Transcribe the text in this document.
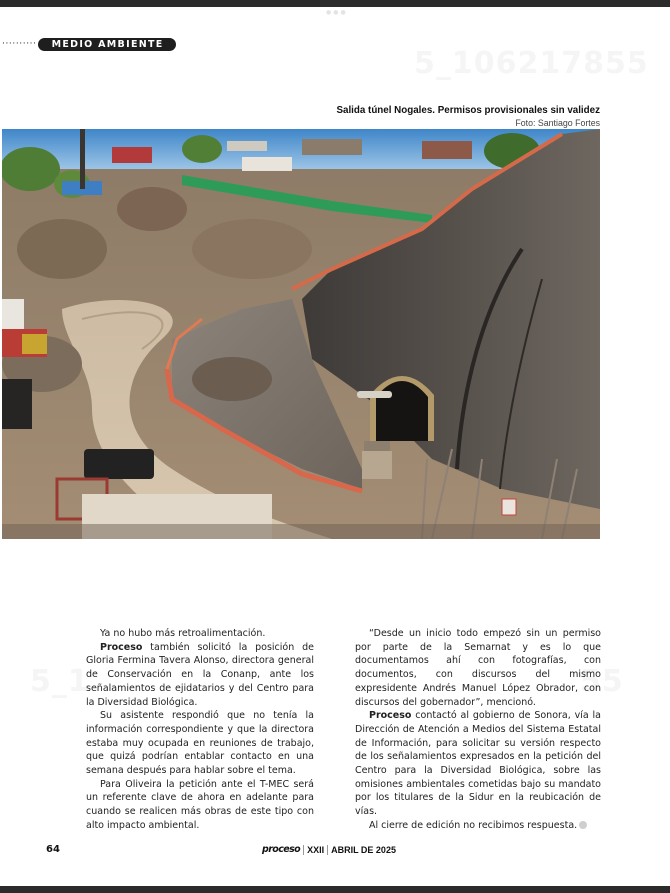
●●●
··········	MEDIO AMBIENTE
5_106217855
Salida túnel Nogales. Permisos provisionales sin validez
Foto: Santiago Fortes
5_1	55

Ya no hubo más retroalimentación.

Proceso también solicitó la posición de Gloria Fermina Tavera Alonso, directora general de Conservación en la Conanp, ante los señalamientos de ejidatarios y del Centro para la Diversidad Biológica.

Su asistente respondió que no tenía la información correspondiente y que la directora estaba muy ocupada en reuniones de trabajo, que quizá podrían entablar contacto en una semana después para hablar sobre el tema.

Para Oliveira la petición ante el T-MEC será un referente clave de ahora en adelante para cuando se realicen más obras de este tipo con alto impacto ambiental.

“Desde un inicio todo empezó sin un permiso por parte de la Semarnat y es lo que documentamos ahí con fotografías, con documentos, con discursos del mismo expresidente Andrés Manuel López Obrador, con discursos del gobernador”, mencionó.

Proceso contactó al gobierno de Sonora, vía la Dirección de Atención a Medios del Sistema Estatal de Información, para solicitar su versión respecto de los señalamientos expresados en la petición del Centro para la Diversidad Biológica, sobre las omisiones ambientales cometidas bajo su mandato por los titulares de la Sidur en la reubicación de vías.

Al cierre de edición no recibimos respuesta.

64	proceso XXII ABRIL DE 2025
